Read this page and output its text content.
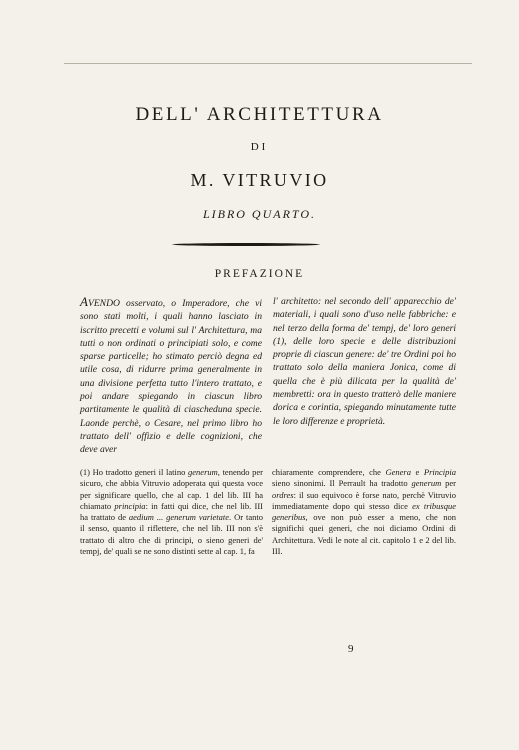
DELL' ARCHITETTURA
DI
M. VITRUVIO
LIBRO QUARTO.
PREFAZIONE
AVENDO osservato, o Imperadore, che vi sono stati molti, i quali hanno lasciato in iscritto precetti e volumi sul l' Architettura, ma tutti o non ordinati o principiati solo, e come sparse particelle; ho stimato perciò degna ed utile cosa, di ridurre prima generalmente in una divisione perfetta tutto l'intero trattato, e poi andare spiegando in ciascun libro partitamente le qualità di ciascheduna specie. Laonde perchè, o Cesare, nel primo libro ho trattato dell' offizio e delle cognizioni, che deve aver
l' architetto: nel secondo dell' apparecchio de' materiali, i quali sono d'uso nelle fabbriche: e nel terzo della forma de' tempj, de' loro generi (1), delle loro specie e delle distribuzioni proprie di ciascun genere: de' tre Ordini poi ho trattato solo della maniera Jonica, come di quella che è più dilicata per la qualità de' membretti: ora in questo tratterò delle maniere dorica e corintia, spiegando minutamente tutte le loro differenze e proprietà.
(1) Ho tradotto generi il latino generum, tenendo per sicuro, che abbia Vitruvio adoperata qui questa voce per significare quello, che al cap. 1 del lib. III ha chiamato principia: in fatti qui dice, che nel lib. III ha trattato de aedium ... generum varietate. Or tanto il senso, quanto il riflettere, che nel lib. III non s'è trattato di altro che di principi, o sieno generi de' tempj, de' quali se ne sono distinti sette al cap. 1, fa
chiaramente comprendere, che Genera e Principia sieno sinonimi. Il Perrault ha tradotto generum per ordres: il suo equivoco è forse nato, perchè Vitruvio immediatamente dopo qui stesso dice ex tribusque generibus, ove non può esser a meno, che non significhi quei generi, che noi diciamo Ordini di Architettura. Vedi le note al cit. capitolo 1 e 2 del lib. III.
9
